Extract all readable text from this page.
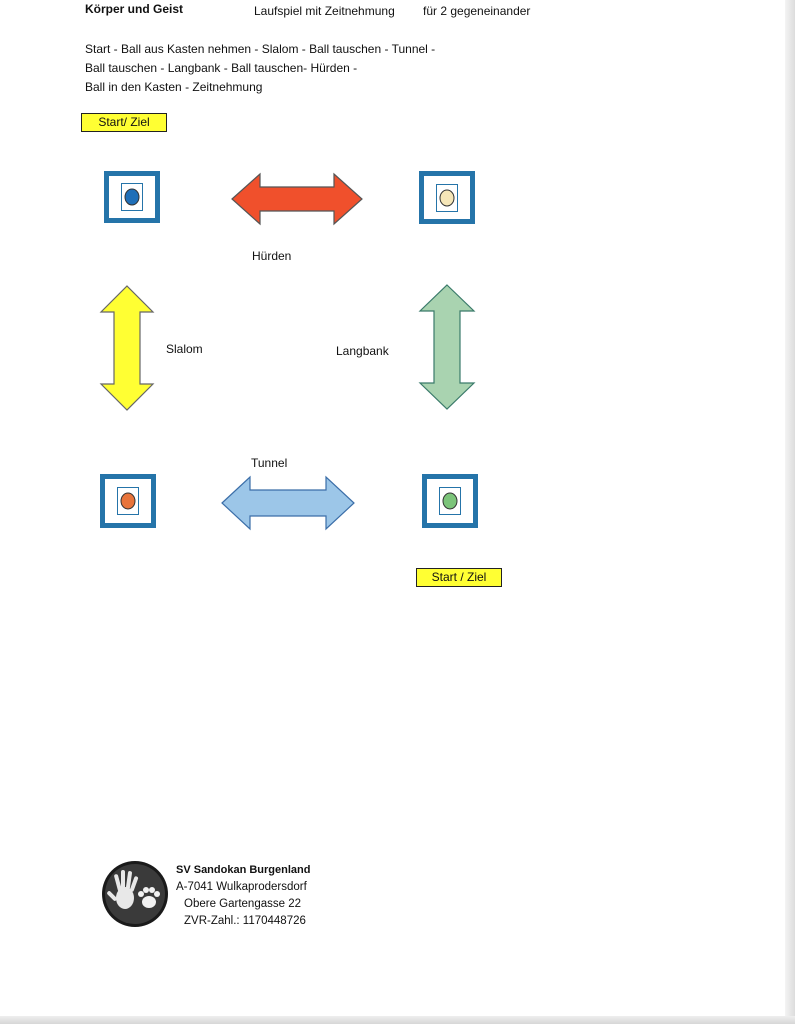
Körper und Geist	Laufspiel mit Zeitnehmung für 2 gegeneinander
Start - Ball aus Kasten nehmen - Slalom - Ball tauschen - Tunnel -
Ball tauschen - Langbank - Ball tauschen- Hürden -
Ball in den Kasten - Zeitnehmung
Start/ Ziel
Start / Ziel
Hürden
Slalom	Langbank
Tunnel
SV Sandokan Burgenland
A-7041 Wulkaprodersdorf
Obere Gartengasse 22
ZVR-Zahl.: 1170448726
